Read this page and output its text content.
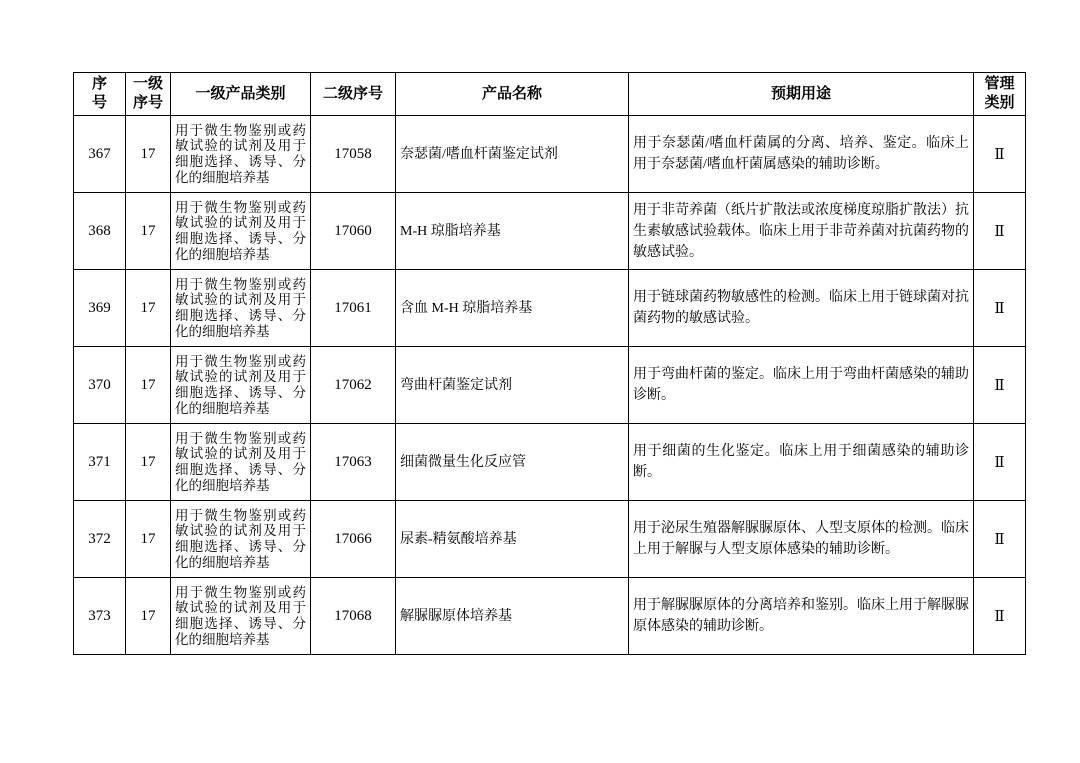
序号	一级序号	一级产品类别	二级序号	产品名称	预期用途	管理类别
367	17	用于微生物鉴别或药敏试验的试剂及用于细胞选择、诱导、分化的细胞培养基	17058	奈瑟菌/嗜血杆菌鉴定试剂	用于奈瑟菌/嗜血杆菌属的分离、培养、鉴定。临床上用于奈瑟菌/嗜血杆菌属感染的辅助诊断。	Ⅱ
368	17	用于微生物鉴别或药敏试验的试剂及用于细胞选择、诱导、分化的细胞培养基	17060	M-H 琼脂培养基	用于非苛养菌（纸片扩散法或浓度梯度琼脂扩散法）抗生素敏感试验载体。临床上用于非苛养菌对抗菌药物的敏感试验。	Ⅱ
369	17	用于微生物鉴别或药敏试验的试剂及用于细胞选择、诱导、分化的细胞培养基	17061	含血 M-H 琼脂培养基	用于链球菌药物敏感性的检测。临床上用于链球菌对抗菌药物的敏感试验。	Ⅱ
370	17	用于微生物鉴别或药敏试验的试剂及用于细胞选择、诱导、分化的细胞培养基	17062	弯曲杆菌鉴定试剂	用于弯曲杆菌的鉴定。临床上用于弯曲杆菌感染的辅助诊断。	Ⅱ
371	17	用于微生物鉴别或药敏试验的试剂及用于细胞选择、诱导、分化的细胞培养基	17063	细菌微量生化反应管	用于细菌的生化鉴定。临床上用于细菌感染的辅助诊断。	Ⅱ
372	17	用于微生物鉴别或药敏试验的试剂及用于细胞选择、诱导、分化的细胞培养基	17066	尿素-精氨酸培养基	用于泌尿生殖器解脲脲原体、人型支原体的检测。临床上用于解脲与人型支原体感染的辅助诊断。	Ⅱ
373	17	用于微生物鉴别或药敏试验的试剂及用于细胞选择、诱导、分化的细胞培养基	17068	解脲脲原体培养基	用于解脲脲原体的分离培养和鉴别。临床上用于解脲脲原体感染的辅助诊断。	Ⅱ
